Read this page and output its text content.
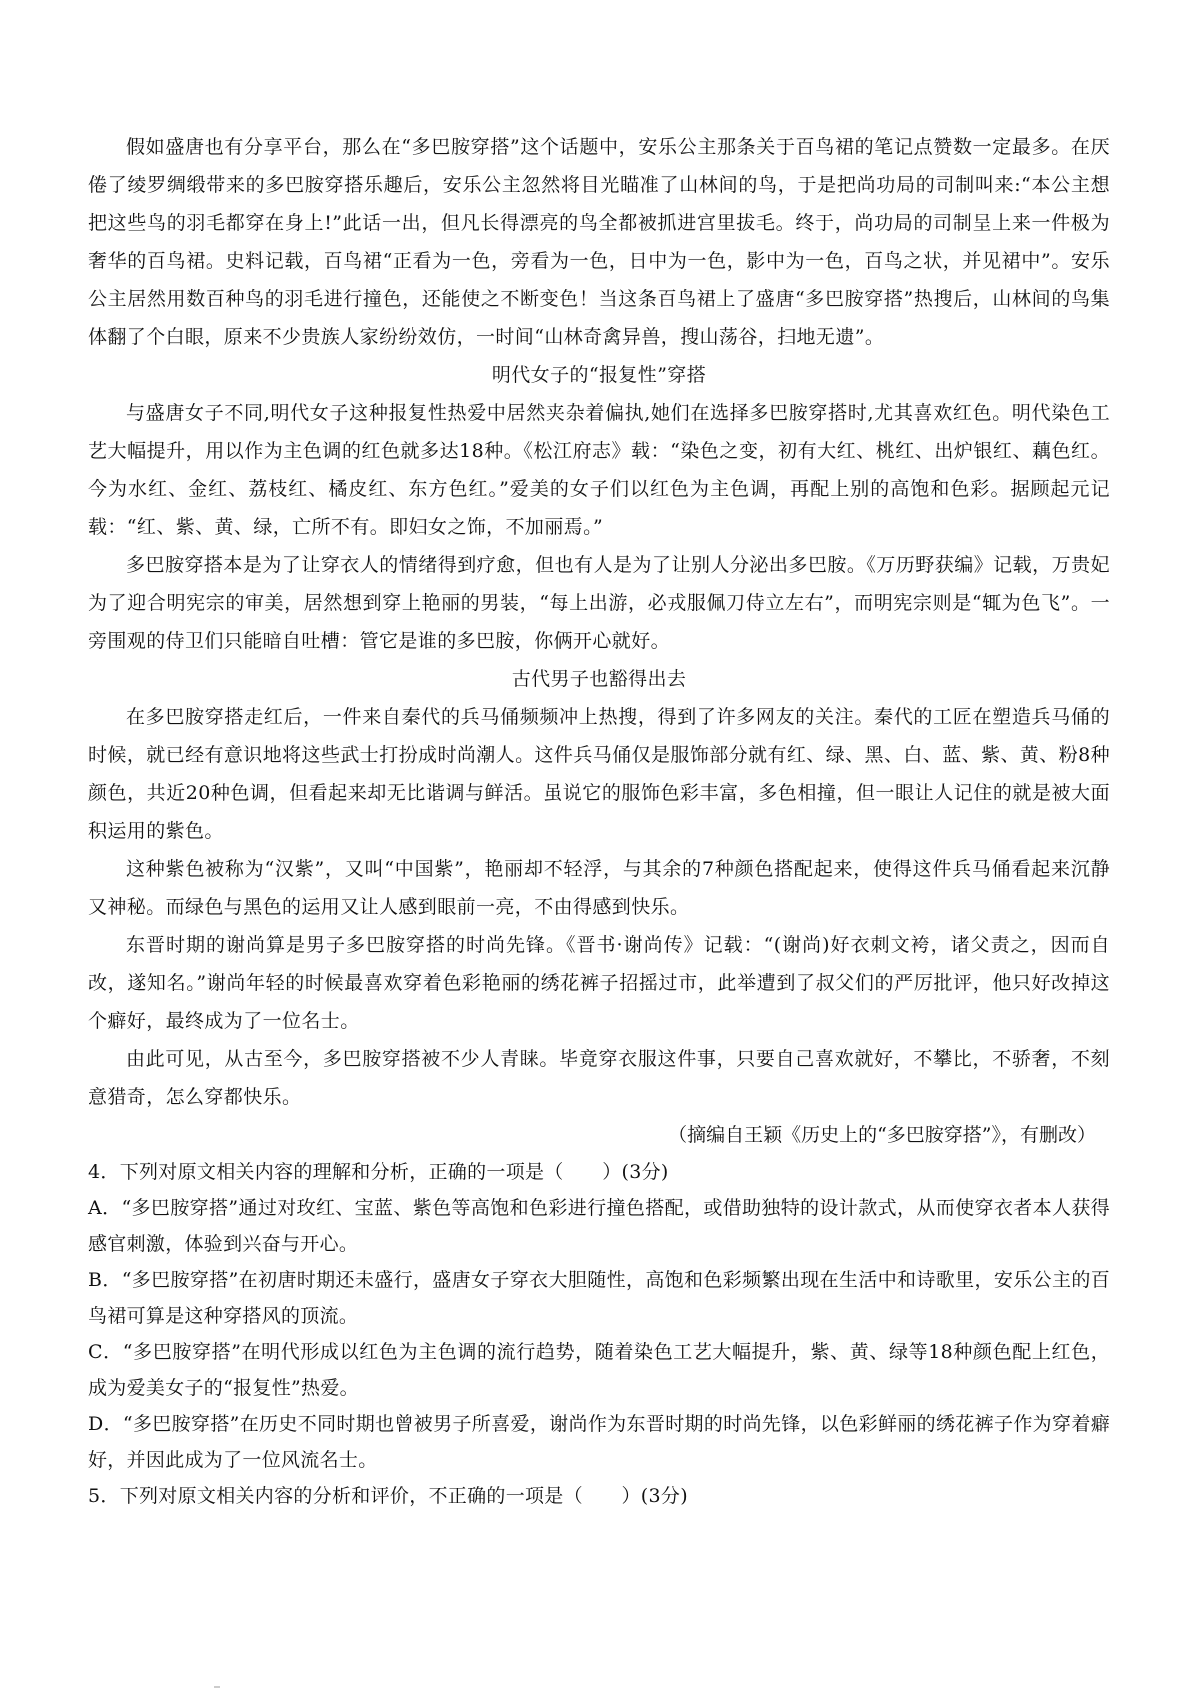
假如盛唐也有分享平台，那么在“多巴胺穿搭”这个话题中，安乐公主那条关于百鸟裙的笔记点赞数一定最多。在厌倦了绫罗绸缎带来的多巴胺穿搭乐趣后，安乐公主忽然将目光瞄准了山林间的鸟，于是把尚功局的司制叫来:“本公主想把这些鸟的羽毛都穿在身上!”此话一出，但凡长得漂亮的鸟全都被抓进宫里拔毛。终于，尚功局的司制呈上来一件极为奢华的百鸟裙。史料记载，百鸟裙“正看为一色，旁看为一色，日中为一色，影中为一色，百鸟之状，并见裙中”。安乐公主居然用数百种鸟的羽毛进行撞色，还能使之不断变色！当这条百鸟裙上了盛唐“多巴胺穿搭”热搜后，山林间的鸟集体翻了个白眼，原来不少贵族人家纷纷效仿，一时间“山林奇禽异兽，搜山荡谷，扫地无遗”。

明代女子的“报复性”穿搭

与盛唐女子不同,明代女子这种报复性热爱中居然夹杂着偏执,她们在选择多巴胺穿搭时,尤其喜欢红色。明代染色工艺大幅提升，用以作为主色调的红色就多达18种。《松江府志》载：“染色之变，初有大红、桃红、出炉银红、藕色红。今为水红、金红、荔枝红、橘皮红、东方色红。”爱美的女子们以红色为主色调，再配上别的高饱和色彩。据顾起元记载：“红、紫、黄、绿，亡所不有。即妇女之饰，不加丽焉。”

多巴胺穿搭本是为了让穿衣人的情绪得到疗愈，但也有人是为了让别人分泌出多巴胺。《万历野获编》记载，万贵妃为了迎合明宪宗的审美，居然想到穿上艳丽的男装，“每上出游，必戎服佩刀侍立左右”，而明宪宗则是“辄为色飞”。一旁围观的侍卫们只能暗自吐槽：管它是谁的多巴胺，你俩开心就好。

古代男子也豁得出去

在多巴胺穿搭走红后，一件来自秦代的兵马俑频频冲上热搜，得到了许多网友的关注。秦代的工匠在塑造兵马俑的时候，就已经有意识地将这些武士打扮成时尚潮人。这件兵马俑仅是服饰部分就有红、绿、黑、白、蓝、紫、黄、粉8种颜色，共近20种色调，但看起来却无比谐调与鲜活。虽说它的服饰色彩丰富，多色相撞，但一眼让人记住的就是被大面积运用的紫色。

这种紫色被称为“汉紫”，又叫“中国紫”，艳丽却不轻浮，与其余的7种颜色搭配起来，使得这件兵马俑看起来沉静又神秘。而绿色与黑色的运用又让人感到眼前一亮，不由得感到快乐。

东晋时期的谢尚算是男子多巴胺穿搭的时尚先锋。《晋书·谢尚传》记载：“(谢尚)好衣刺文袴，诸父责之，因而自改，遂知名。”谢尚年轻的时候最喜欢穿着色彩艳丽的绣花裤子招摇过市，此举遭到了叔父们的严厉批评，他只好改掉这个癖好，最终成为了一位名士。

由此可见，从古至今，多巴胺穿搭被不少人青睐。毕竟穿衣服这件事，只要自己喜欢就好，不攀比，不骄奢，不刻意猎奇，怎么穿都快乐。

（摘编自王颖《历史上的“多巴胺穿搭”》，有删改）

4．下列对原文相关内容的理解和分析，正确的一项是（　　）(3分)

A．“多巴胺穿搭”通过对玫红、宝蓝、紫色等高饱和色彩进行撞色搭配，或借助独特的设计款式，从而使穿衣者本人获得感官刺激，体验到兴奋与开心。

B．“多巴胺穿搭”在初唐时期还未盛行，盛唐女子穿衣大胆随性，高饱和色彩频繁出现在生活中和诗歌里，安乐公主的百鸟裙可算是这种穿搭风的顶流。

C．“多巴胺穿搭”在明代形成以红色为主色调的流行趋势，随着染色工艺大幅提升，紫、黄、绿等18种颜色配上红色，成为爱美女子的“报复性”热爱。

D．“多巴胺穿搭”在历史不同时期也曾被男子所喜爱，谢尚作为东晋时期的时尚先锋，以色彩鲜丽的绣花裤子作为穿着癖好，并因此成为了一位风流名士。

5．下列对原文相关内容的分析和评价，不正确的一项是（　　）(3分)
